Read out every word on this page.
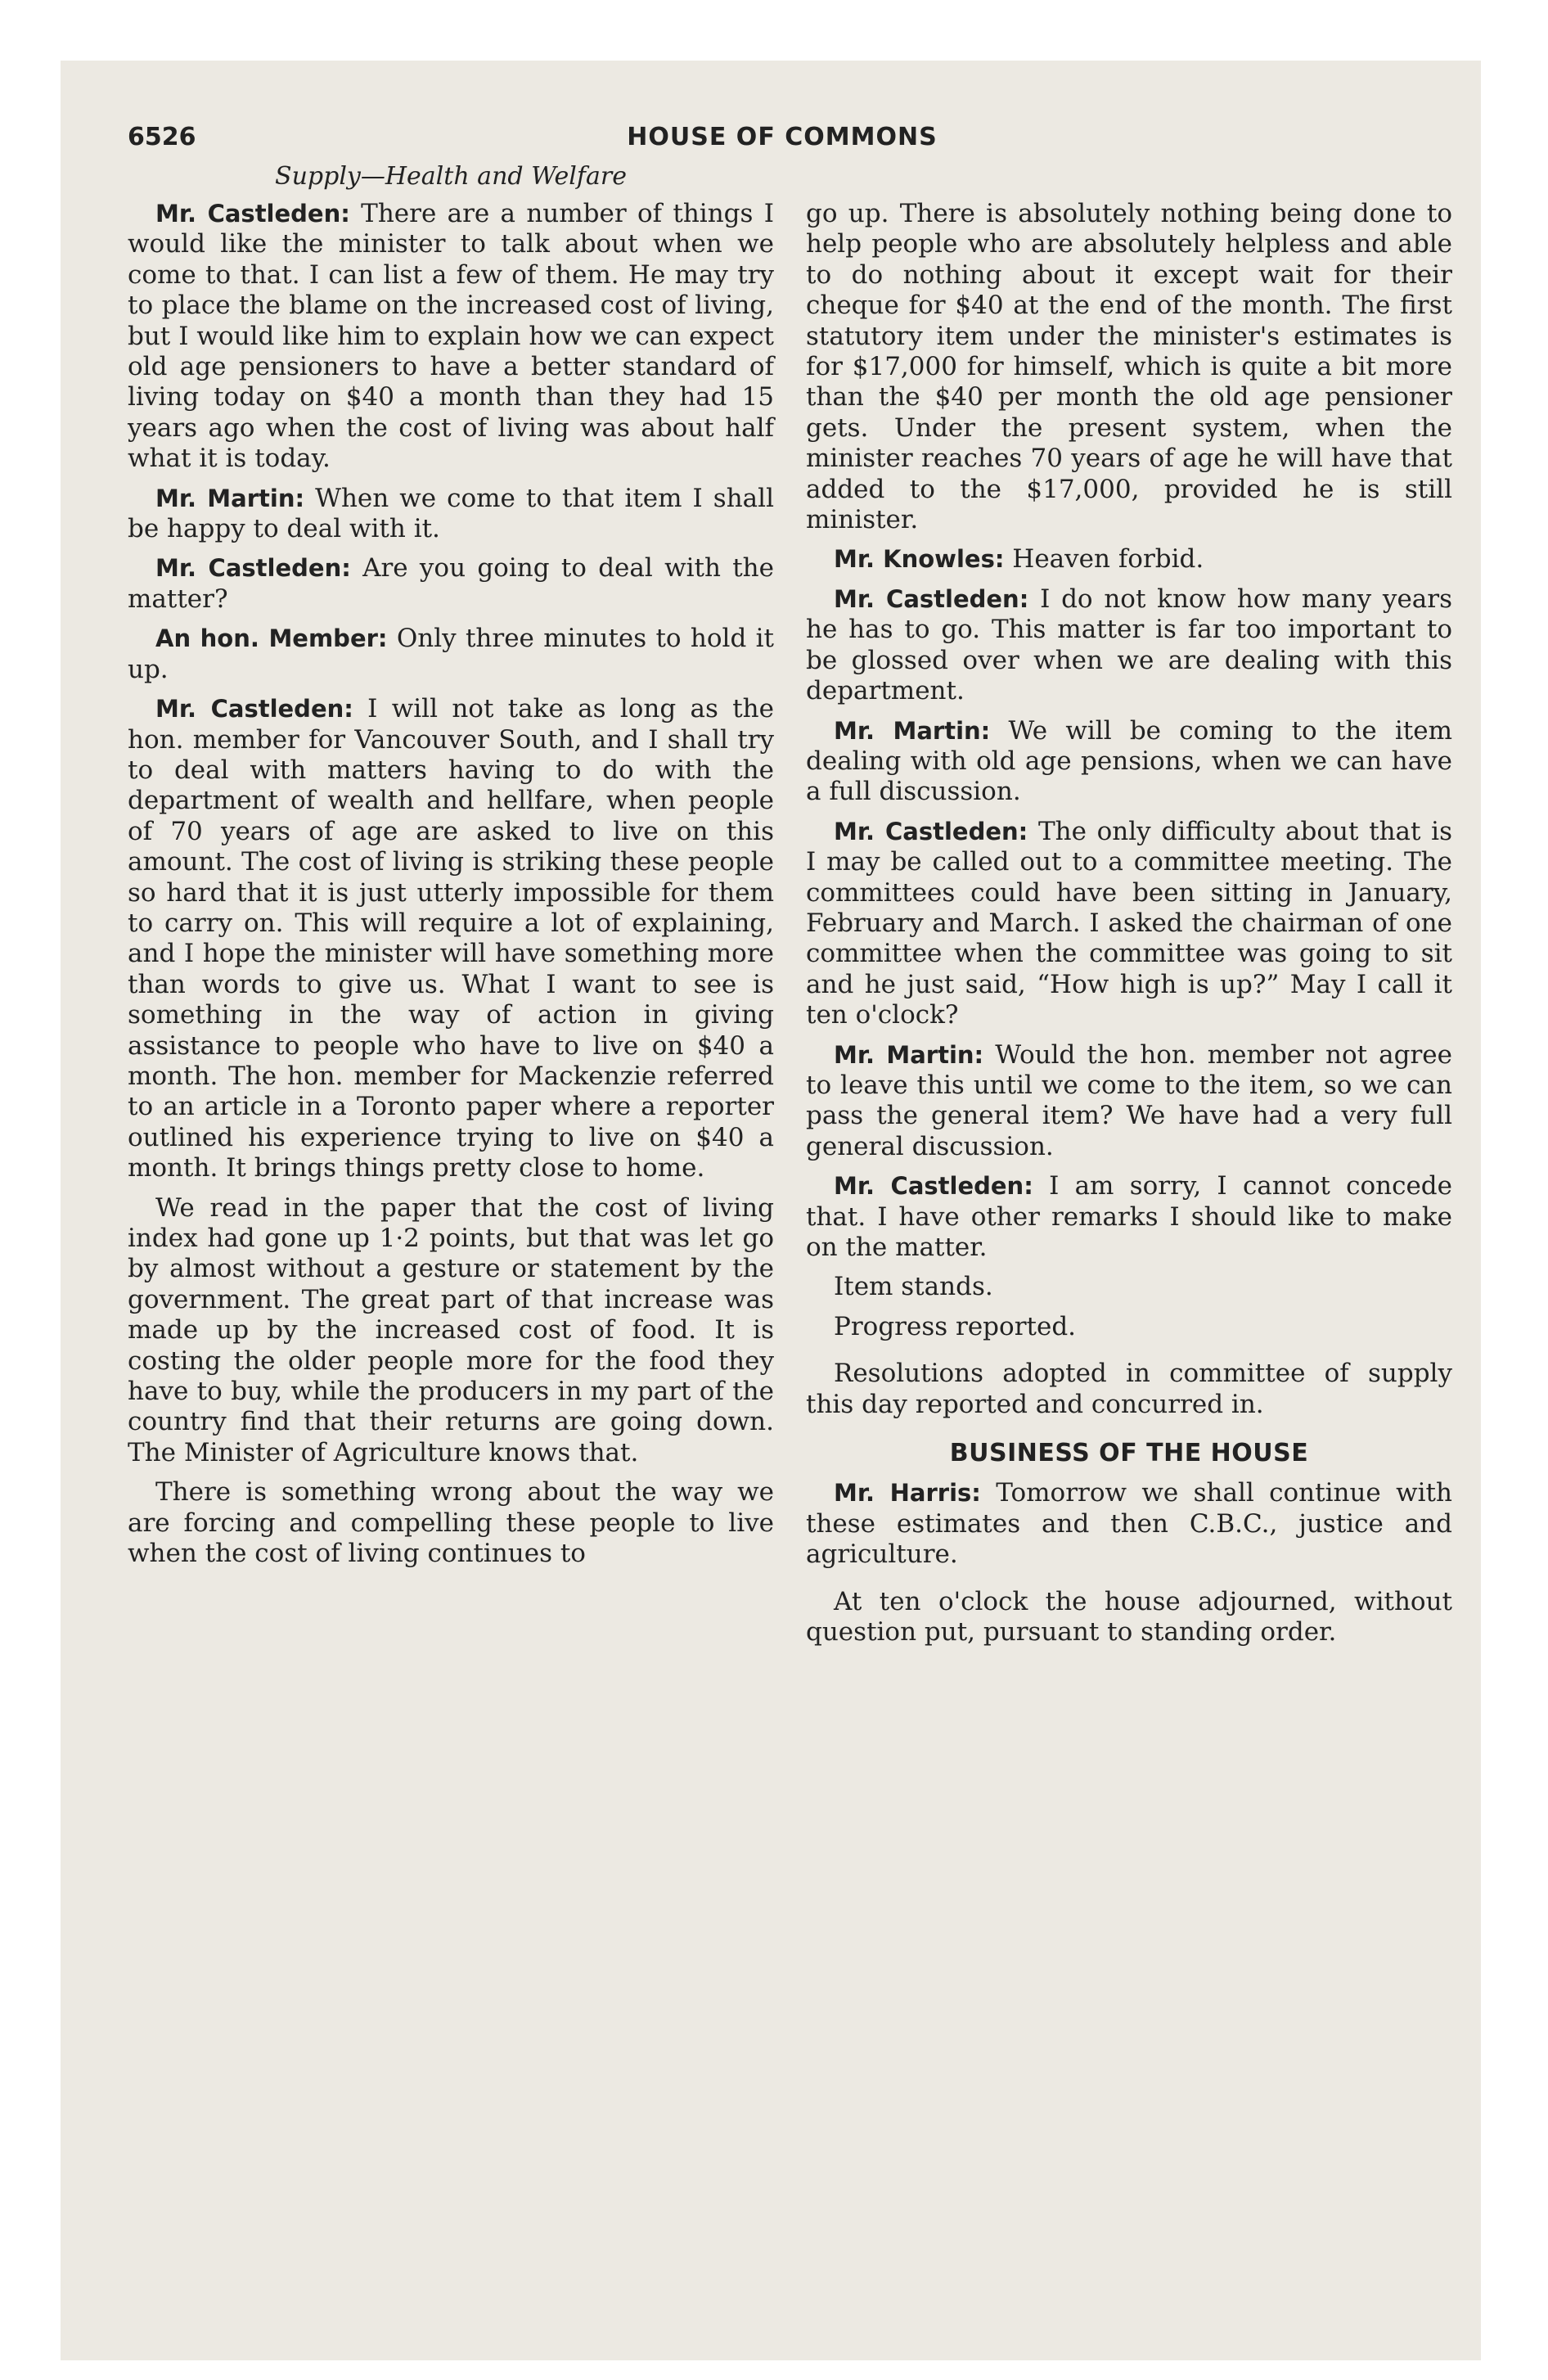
6526	HOUSE OF COMMONS
Supply—Health and Welfare

Mr. Castleden: There are a number of things I would like the minister to talk about when we come to that. I can list a few of them. He may try to place the blame on the increased cost of living, but I would like him to explain how we can expect old age pensioners to have a better standard of living today on $40 a month than they had 15 years ago when the cost of living was about half what it is today.

Mr. Martin: When we come to that item I shall be happy to deal with it.

Mr. Castleden: Are you going to deal with the matter?

An hon. Member: Only three minutes to hold it up.

Mr. Castleden: I will not take as long as the hon. member for Vancouver South, and I shall try to deal with matters having to do with the department of wealth and hellfare, when people of 70 years of age are asked to live on this amount. The cost of living is striking these people so hard that it is just utterly impossible for them to carry on. This will require a lot of explaining, and I hope the minister will have something more than words to give us. What I want to see is something in the way of action in giving assistance to people who have to live on $40 a month. The hon. member for Mackenzie referred to an article in a Toronto paper where a reporter outlined his experience trying to live on $40 a month. It brings things pretty close to home.

We read in the paper that the cost of living index had gone up 1·2 points, but that was let go by almost without a gesture or statement by the government. The great part of that increase was made up by the increased cost of food. It is costing the older people more for the food they have to buy, while the producers in my part of the country find that their returns are going down. The Minister of Agriculture knows that.

There is something wrong about the way we are forcing and compelling these people to live when the cost of living continues to

go up. There is absolutely nothing being done to help people who are absolutely helpless and able to do nothing about it except wait for their cheque for $40 at the end of the month. The first statutory item under the minister's estimates is for $17,000 for himself, which is quite a bit more than the $40 per month the old age pensioner gets. Under the present system, when the minister reaches 70 years of age he will have that added to the $17,000, provided he is still minister.

Mr. Knowles: Heaven forbid.

Mr. Castleden: I do not know how many years he has to go. This matter is far too important to be glossed over when we are dealing with this department.

Mr. Martin: We will be coming to the item dealing with old age pensions, when we can have a full discussion.

Mr. Castleden: The only difficulty about that is I may be called out to a committee meeting. The committees could have been sitting in January, February and March. I asked the chairman of one committee when the committee was going to sit and he just said, “How high is up?” May I call it ten o'clock?

Mr. Martin: Would the hon. member not agree to leave this until we come to the item, so we can pass the general item? We have had a very full general discussion.

Mr. Castleden: I am sorry, I cannot concede that. I have other remarks I should like to make on the matter.

Item stands.

Progress reported.

Resolutions adopted in committee of supply this day reported and concurred in.

BUSINESS OF THE HOUSE

Mr. Harris: Tomorrow we shall continue with these estimates and then C.B.C., justice and agriculture.

At ten o'clock the house adjourned, without question put, pursuant to standing order.
